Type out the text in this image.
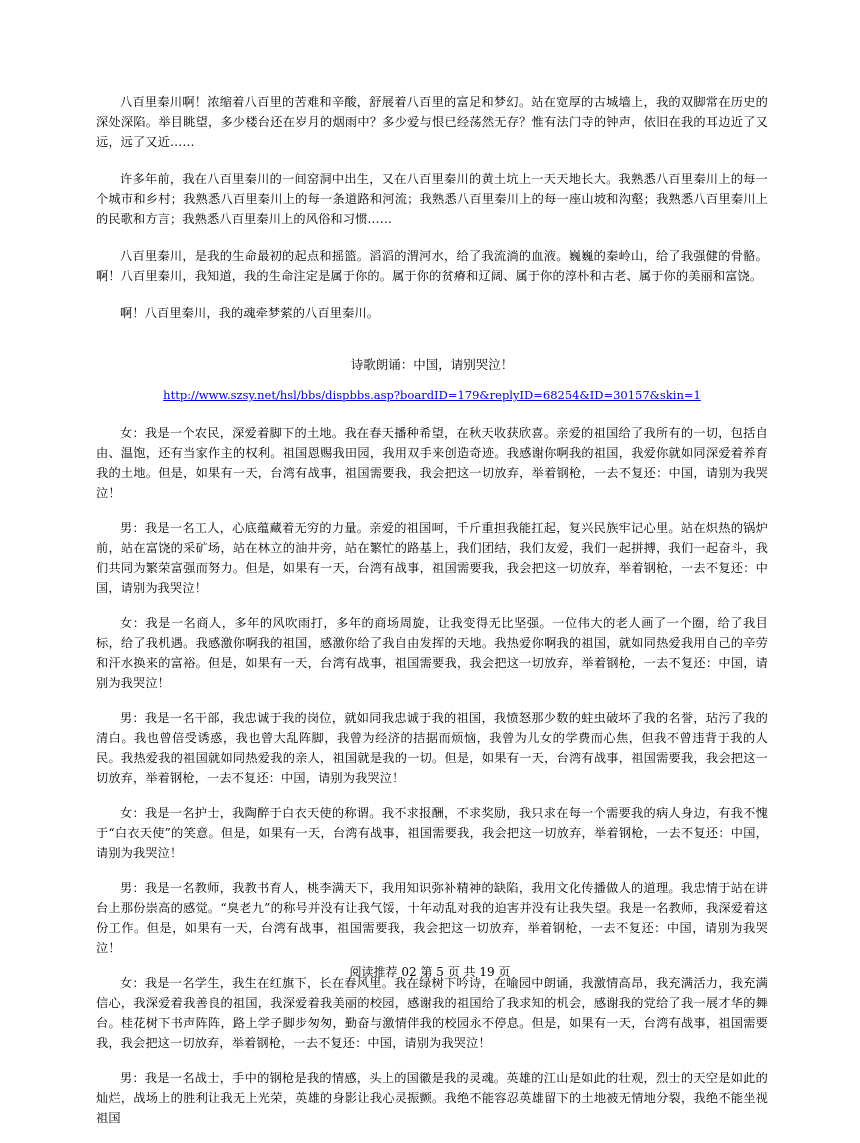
八百里秦川啊！浓缩着八百里的苦难和辛酸，舒展着八百里的富足和梦幻。站在宽厚的古城墙上，我的双脚常在历史的深处深陷。举目眺望，多少楼台还在岁月的烟雨中？多少爱与恨已经荡然无存？惟有法门寺的钟声，依旧在我的耳边近了又远，远了又近……

许多年前，我在八百里秦川的一间窑洞中出生，又在八百里秦川的黄土坑上一天天地长大。我熟悉八百里秦川上的每一个城市和乡村；我熟悉八百里秦川上的每一条道路和河流；我熟悉八百里秦川上的每一座山坡和沟壑；我熟悉八百里秦川上的民歌和方言；我熟悉八百里秦川上的风俗和习惯……

八百里秦川，是我的生命最初的起点和摇篮。滔滔的渭河水，给了我流淌的血液。巍巍的秦岭山，给了我强健的骨骼。啊！八百里秦川，我知道，我的生命注定是属于你的。属于你的贫瘠和辽阔、属于你的淳朴和古老、属于你的美丽和富饶。

啊！八百里秦川，我的魂牵梦萦的八百里秦川。

诗歌朗诵：中国，请别哭泣！
http://www.szsy.net/hsl/bbs/dispbbs.asp?boardID=179&replyID=68254&ID=30157&skin=1

女：我是一个农民，深爱着脚下的土地。我在春天播种希望，在秋天收获欣喜。亲爱的祖国给了我所有的一切，包括自由、温饱，还有当家作主的权利。祖国恩赐我田园，我用双手来创造奇迹。我感谢你啊我的祖国，我爱你就如同深爱着养育我的土地。但是，如果有一天，台湾有战事，祖国需要我，我会把这一切放弃，举着钢枪，一去不复还：中国，请别为我哭泣！

男：我是一名工人，心底蕴藏着无穷的力量。亲爱的祖国呵，千斤重担我能扛起，复兴民族牢记心里。站在炽热的锅炉前，站在富饶的采矿场，站在林立的油井旁，站在繁忙的路基上，我们团结，我们友爱，我们一起拼搏，我们一起奋斗，我们共同为繁荣富强而努力。但是，如果有一天，台湾有战事，祖国需要我，我会把这一切放弃，举着钢枪，一去不复还：中国，请别为我哭泣！

女：我是一名商人，多年的风吹雨打，多年的商场周旋，让我变得无比坚强。一位伟大的老人画了一个圈，给了我目标，给了我机遇。我感激你啊我的祖国，感激你给了我自由发挥的天地。我热爱你啊我的祖国，就如同热爱我用自己的辛劳和汗水换来的富裕。但是，如果有一天，台湾有战事，祖国需要我，我会把这一切放弃，举着钢枪，一去不复还：中国，请别为我哭泣！

男：我是一名干部，我忠诚于我的岗位，就如同我忠诚于我的祖国，我愤怒那少数的蛀虫破坏了我的名誉，玷污了我的清白。我也曾倍受诱惑，我也曾大乱阵脚，我曾为经济的拮据而烦恼，我曾为儿女的学费而心焦，但我不曾违背于我的人民。我热爱我的祖国就如同热爱我的亲人，祖国就是我的一切。但是，如果有一天，台湾有战事，祖国需要我，我会把这一切放弃，举着钢枪，一去不复还：中国，请别为我哭泣！

女：我是一名护士，我陶醉于白衣天使的称谓。我不求报酬，不求奖励，我只求在每一个需要我的病人身边，有我不愧于“白衣天使”的笑意。但是，如果有一天，台湾有战事，祖国需要我，我会把这一切放弃，举着钢枪，一去不复还：中国，请别为我哭泣！

男：我是一名教师，我教书育人，桃李满天下，我用知识弥补精神的缺陷，我用文化传播做人的道理。我忠情于站在讲台上那份崇高的感觉。“臭老九”的称号并没有让我气馁，十年动乱对我的迫害并没有让我失望。我是一名教师，我深爱着这份工作。但是，如果有一天，台湾有战事，祖国需要我，我会把这一切放弃，举着钢枪，一去不复还：中国，请别为我哭泣！

女：我是一名学生，我生在红旗下，长在春风里。我在绿树下吟诗，在喻园中朗诵，我激情高昂，我充满活力，我充满信心，我深爱着我善良的祖国，我深爱着我美丽的校园，感谢我的祖国给了我求知的机会，感谢我的党给了我一展才华的舞台。桂花树下书声阵阵，路上学子脚步匆匆，勤奋与激情伴我的校园永不停息。但是，如果有一天，台湾有战事，祖国需要我，我会把这一切放弃，举着钢枪，一去不复还：中国，请别为我哭泣！

男：我是一名战士，手中的钢枪是我的情感，头上的国徽是我的灵魂。英雄的江山是如此的壮观，烈士的天空是如此的灿烂，战场上的胜利让我无上光荣，英雄的身影让我心灵振颤。我绝不能容忍英雄留下的土地被无情地分裂，我绝不能坐视祖国

阅读推荐 02 第 5 页 共 19 页
